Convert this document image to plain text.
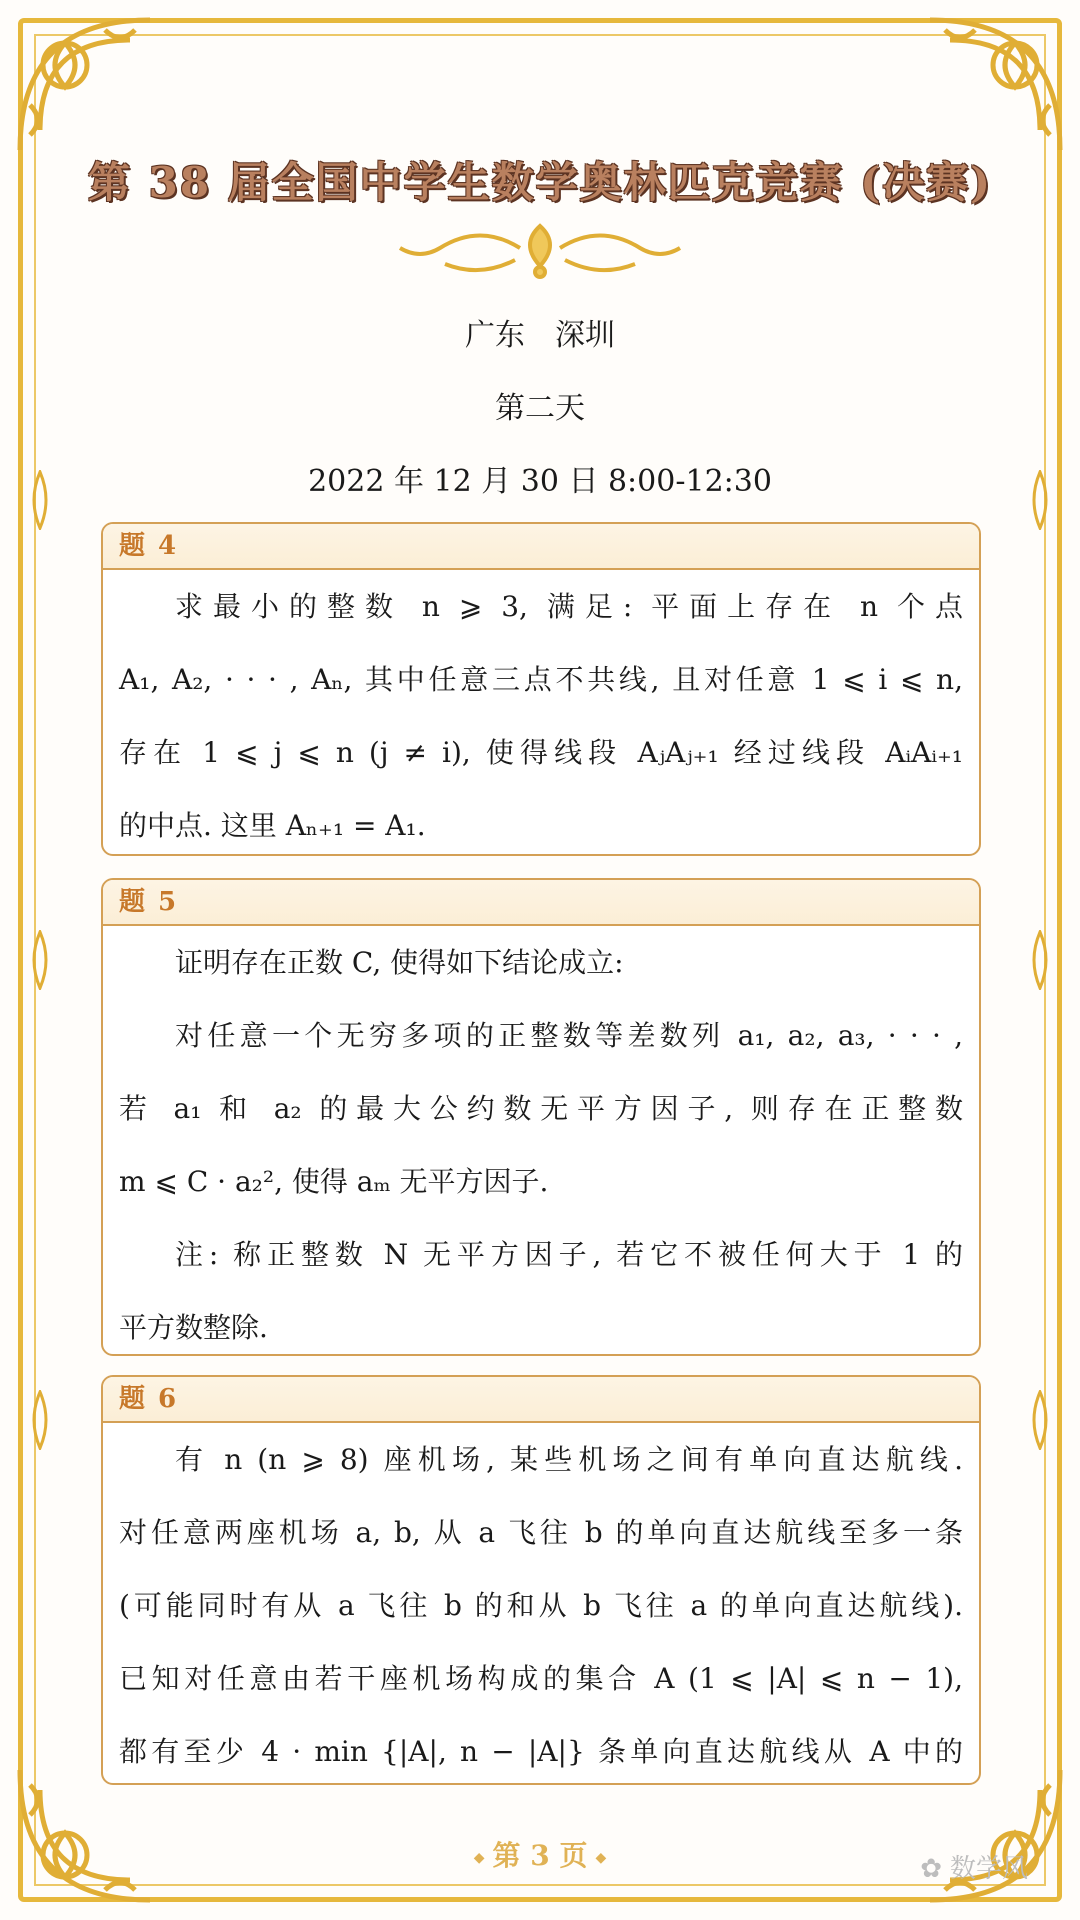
第 38 届全国中学生数学奥林匹克竞赛 (决赛)
广东　深圳
第二天
2022 年 12 月 30 日 8:00-12:30
题 4
求最小的整数 n ⩾ 3, 满足: 平面上存在 n 个点
A₁, A₂, · · · , Aₙ, 其中任意三点不共线, 且对任意 1 ⩽ i ⩽ n,
存在 1 ⩽ j ⩽ n (j ≠ i), 使得线段 AⱼAⱼ₊₁ 经过线段 AᵢAᵢ₊₁
的中点. 这里 Aₙ₊₁ = A₁.
题 5
证明存在正数 C, 使得如下结论成立:
对任意一个无穷多项的正整数等差数列 a₁, a₂, a₃, · · · ,
若 a₁ 和 a₂ 的最大公约数无平方因子, 则存在正整数
m ⩽ C · a₂², 使得 aₘ 无平方因子.
注: 称正整数 N 无平方因子, 若它不被任何大于 1 的
平方数整除.
题 6
有 n (n ⩾ 8) 座机场, 某些机场之间有单向直达航线.
对任意两座机场 a, b, 从 a 飞往 b 的单向直达航线至多一条
(可能同时有从 a 飞往 b 的和从 b 飞往 a 的单向直达航线).
已知对任意由若干座机场构成的集合 A (1 ⩽ |A| ⩽ n − 1),
都有至少 4 · min {|A|, n − |A|} 条单向直达航线从 A 中的
◆ 第 3 页 ◆	✿ 数学风
